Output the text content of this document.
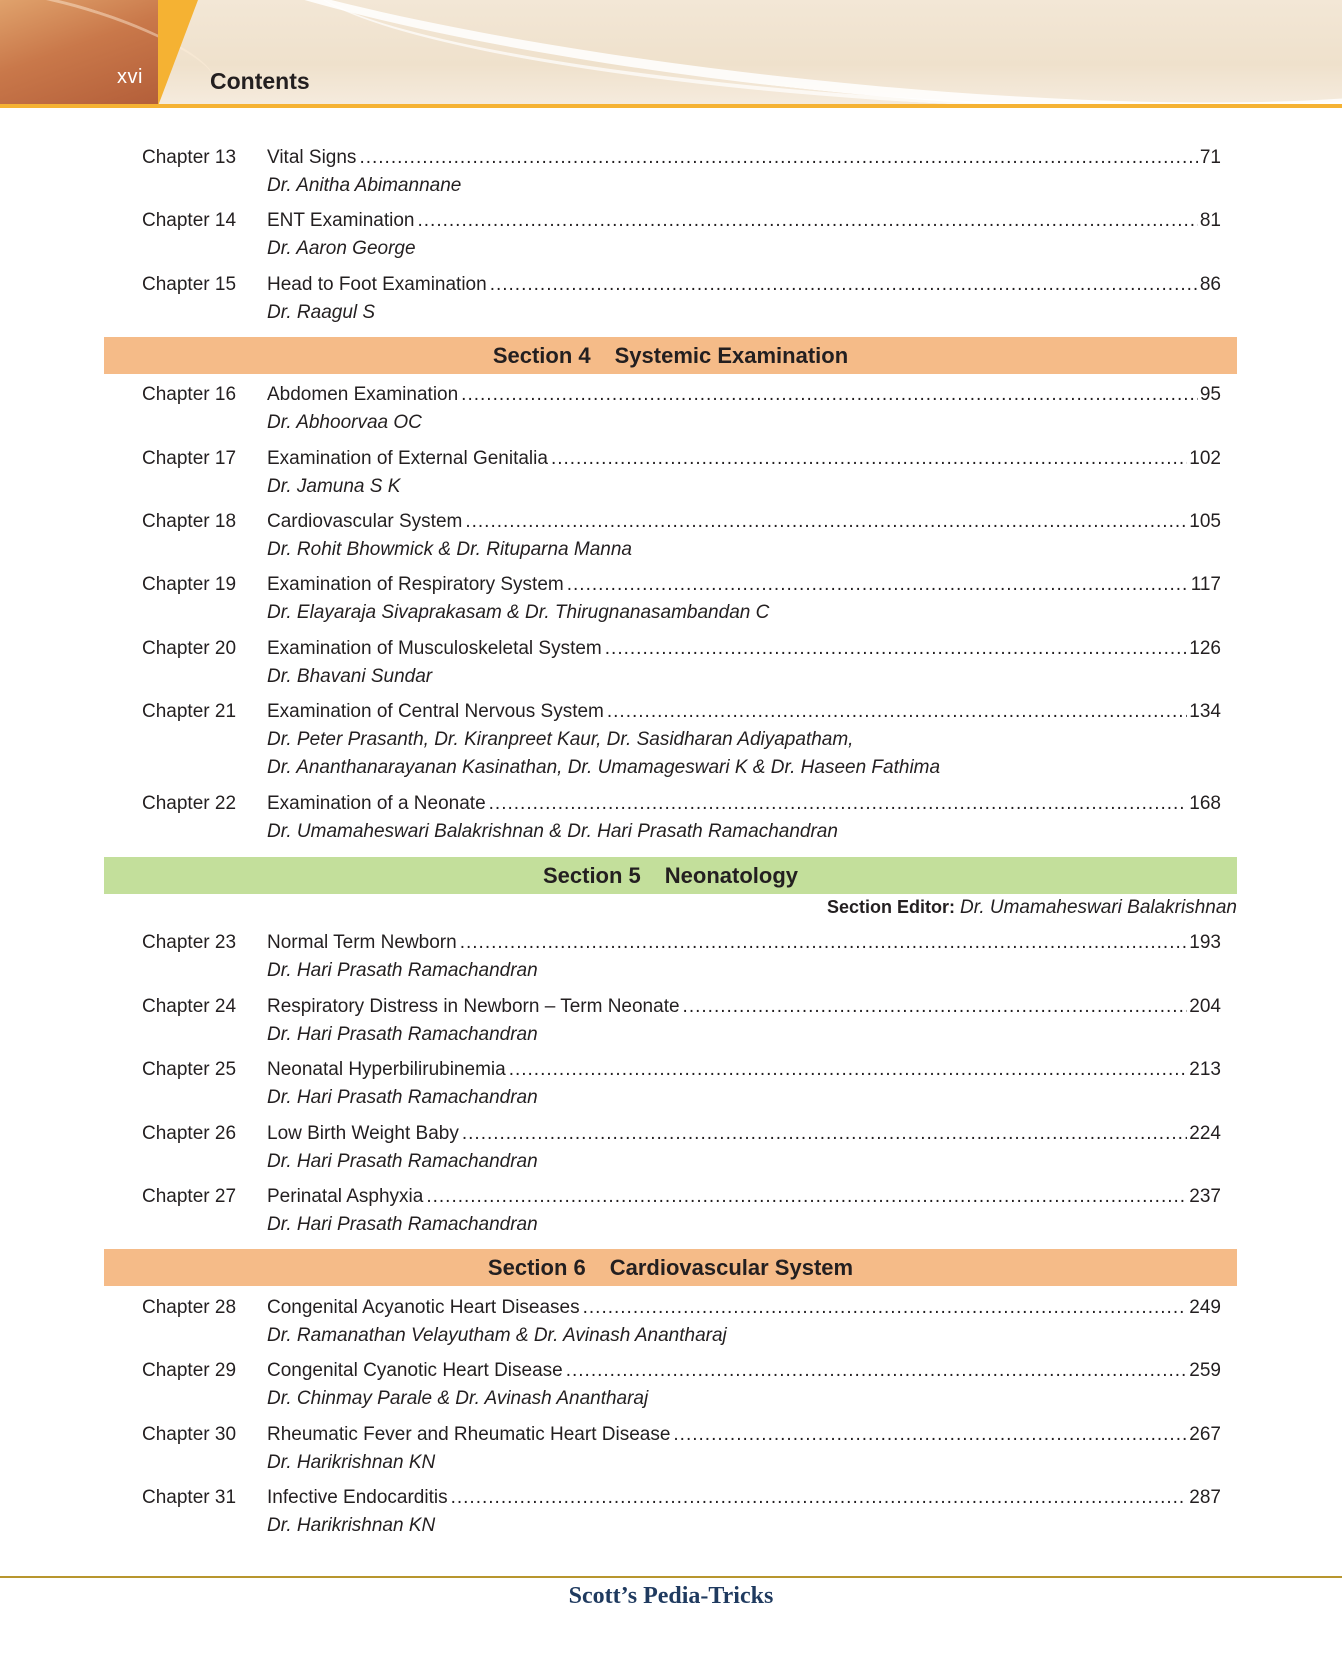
xvi	Contents
Chapter 13 Vital Signs .....	71
Dr. Anitha Abimannane
Chapter 14 ENT Examination .....	81
Dr. Aaron George
Chapter 15 Head to Foot Examination .....	86
Dr. Raagul S
Section 4 Systemic Examination
Chapter 16 Abdomen Examination .....	95
Dr. Abhoorvaa OC
Chapter 17 Examination of External Genitalia .....	102
Dr. Jamuna S K
Chapter 18 Cardiovascular System .....	105
Dr. Rohit Bhowmick & Dr. Rituparna Manna
Chapter 19 Examination of Respiratory System .....	117
Dr. Elayaraja Sivaprakasam & Dr. Thirugnanasambandan C
Chapter 20 Examination of Musculoskeletal System .....	126
Dr. Bhavani Sundar
Chapter 21 Examination of Central Nervous System .....	134
Dr. Peter Prasanth, Dr. Kiranpreet Kaur, Dr. Sasidharan Adiyapatham,
Dr. Ananthanarayanan Kasinathan, Dr. Umamageswari K & Dr. Haseen Fathima
Chapter 22 Examination of a Neonate .....	168
Dr. Umamaheswari Balakrishnan & Dr. Hari Prasath Ramachandran
Section 5 Neonatology
Section Editor: Dr. Umamaheswari Balakrishnan
Chapter 23 Normal Term Newborn .....	193
Dr. Hari Prasath Ramachandran
Chapter 24 Respiratory Distress in Newborn – Term Neonate .....	204
Dr. Hari Prasath Ramachandran
Chapter 25 Neonatal Hyperbilirubinemia .....	213
Dr. Hari Prasath Ramachandran
Chapter 26 Low Birth Weight Baby .....	224
Dr. Hari Prasath Ramachandran
Chapter 27 Perinatal Asphyxia .....	237
Dr. Hari Prasath Ramachandran
Section 6 Cardiovascular System
Chapter 28 Congenital Acyanotic Heart Diseases .....	249
Dr. Ramanathan Velayutham & Dr. Avinash Anantharaj
Chapter 29 Congenital Cyanotic Heart Disease .....	259
Dr. Chinmay Parale & Dr. Avinash Anantharaj
Chapter 30 Rheumatic Fever and Rheumatic Heart Disease .....	267
Dr. Harikrishnan KN
Chapter 31 Infective Endocarditis .....	287
Dr. Harikrishnan KN
Scott’s Pedia-Tricks
